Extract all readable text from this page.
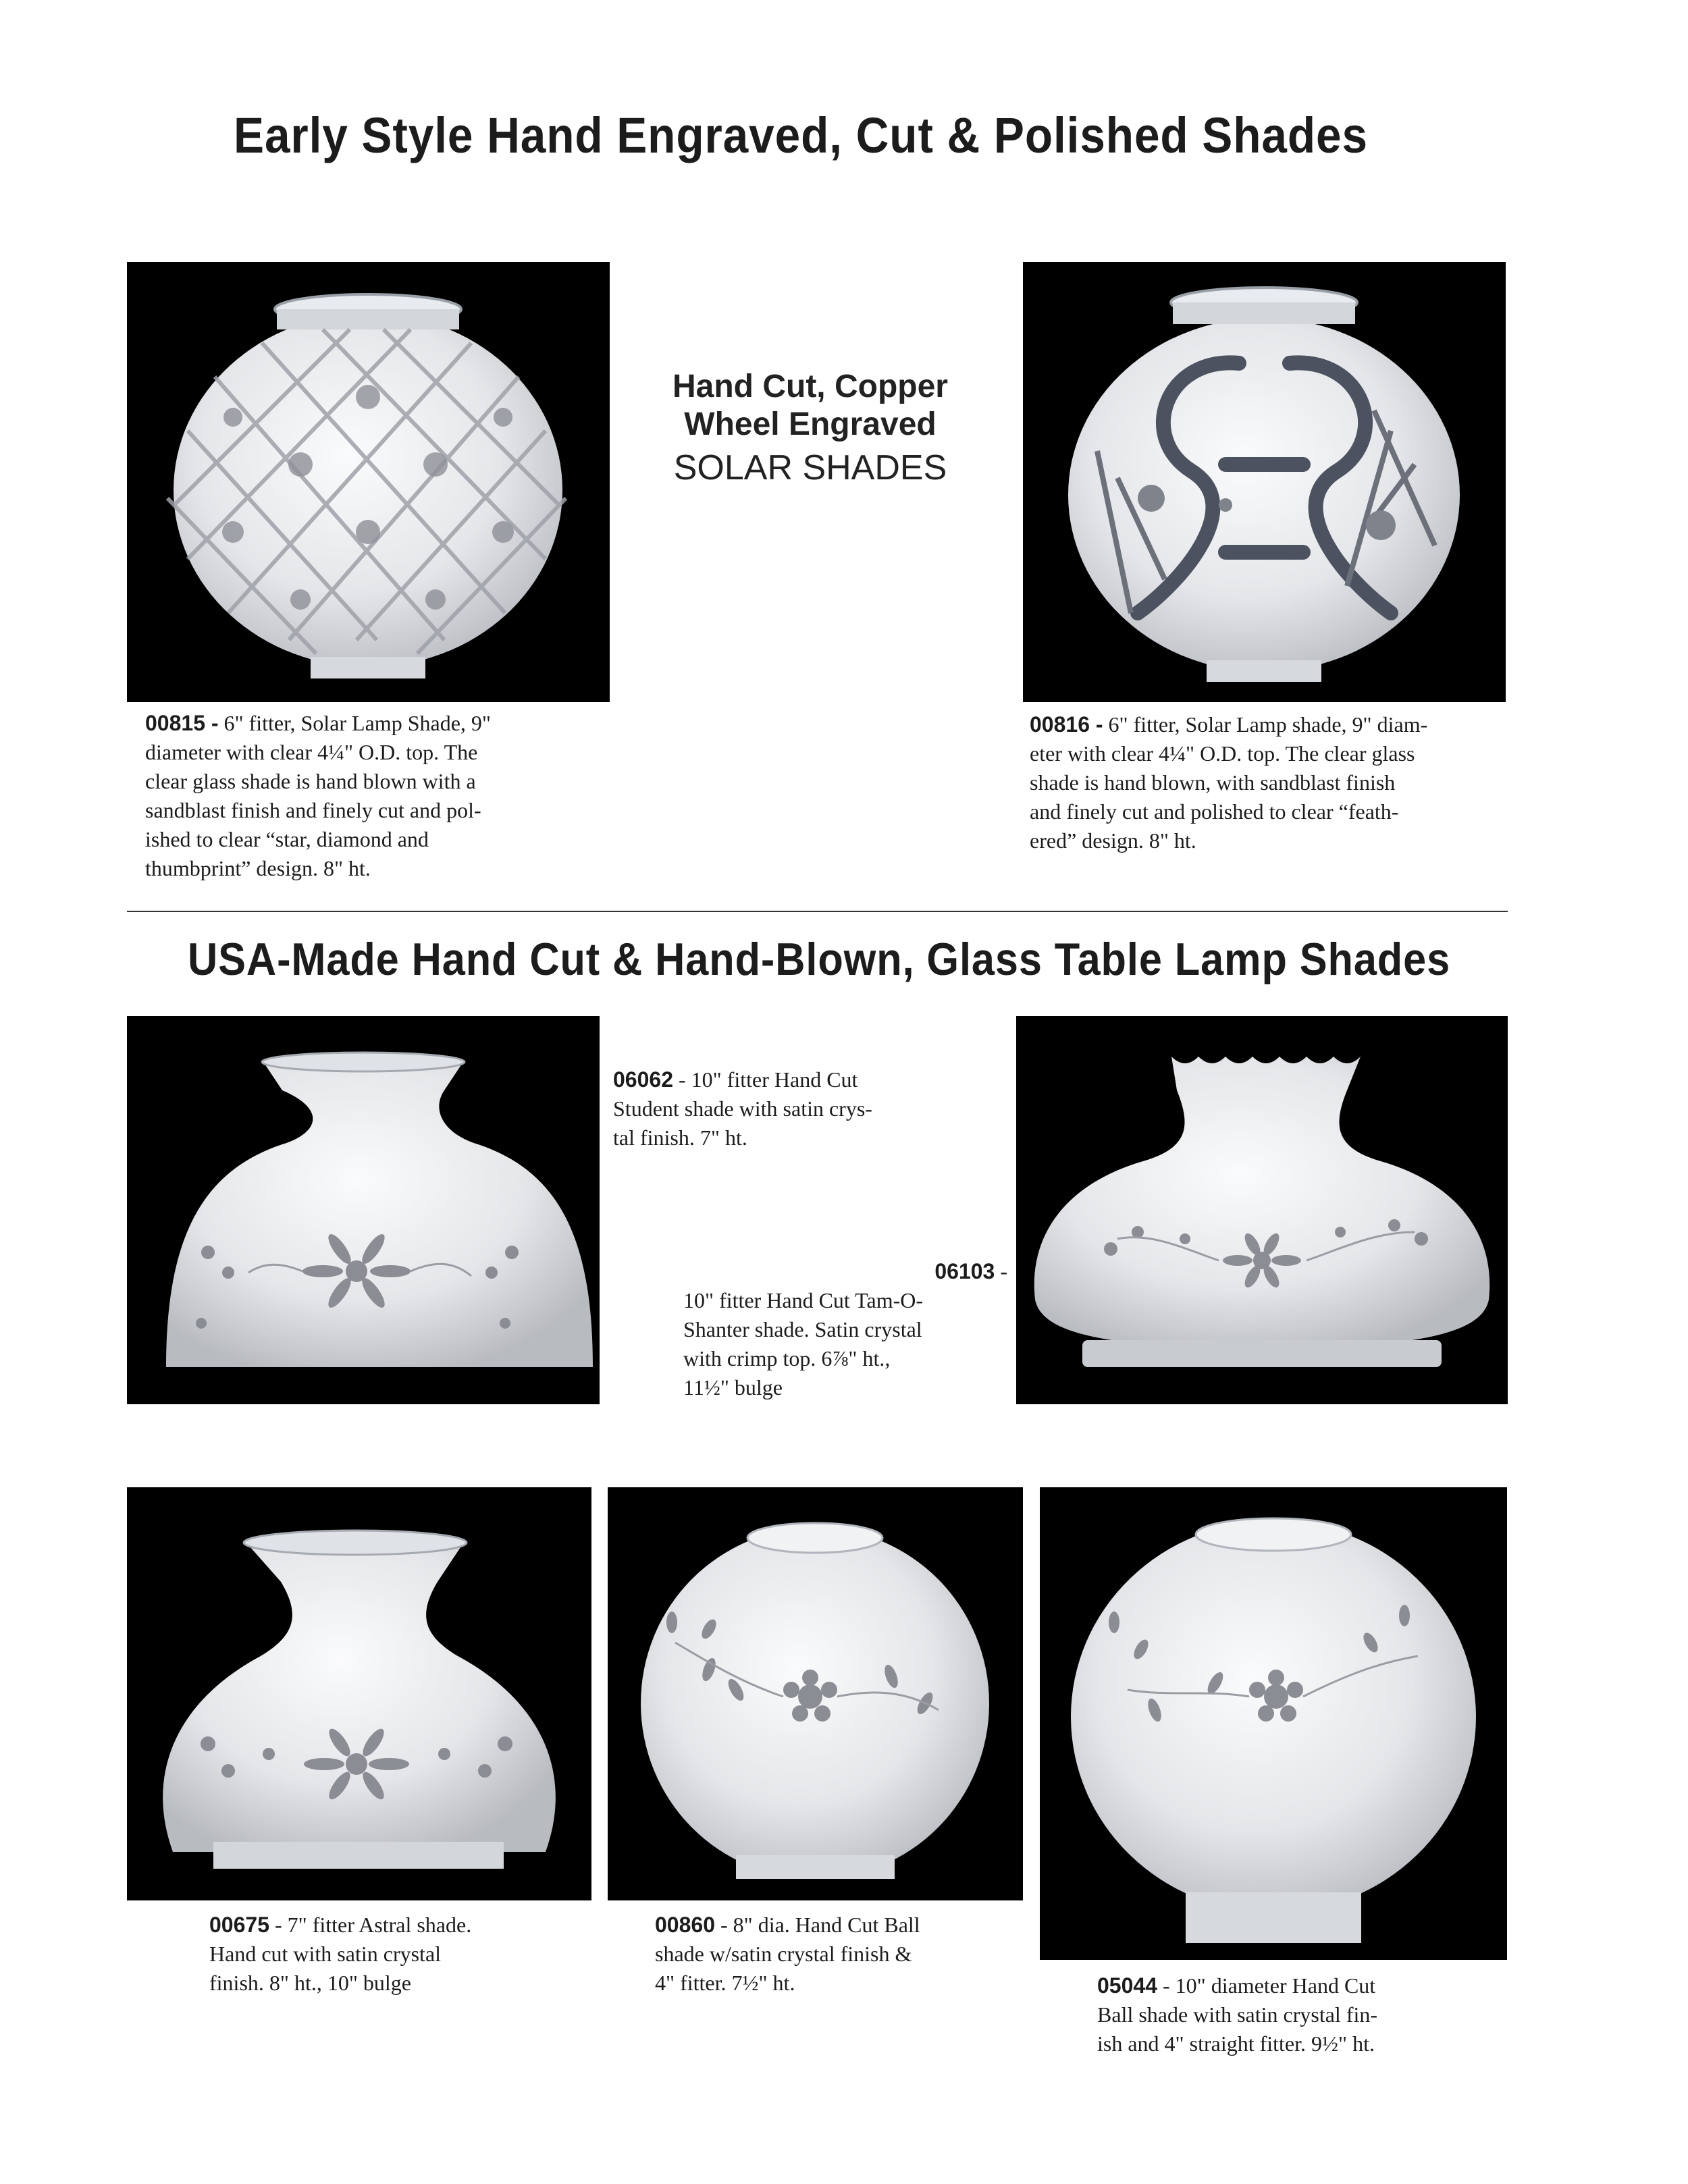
Early Style Hand Engraved, Cut & Polished Shades
Hand Cut, Copper
Wheel Engraved
SOLAR SHADES

00815 - 6" fitter, Solar Lamp Shade, 9"

diameter with clear 4¼" O.D. top. The

clear glass shade is hand blown with a

sandblast finish and finely cut and pol-

ished to clear “star, diamond and

thumbprint” design. 8" ht.

00816 - 6" fitter, Solar Lamp shade, 9" diam-

eter with clear 4¼" O.D. top. The clear glass

shade is hand blown, with sandblast finish

and finely cut and polished to clear “feath-

ered” design. 8" ht.

USA-Made Hand Cut & Hand-Blown, Glass Table Lamp Shades

06062 - 10" fitter Hand Cut

Student shade with satin crys-

tal finish. 7" ht.

06103 -

10" fitter Hand Cut Tam-O-

Shanter shade. Satin crystal

with crimp top. 6⅞" ht.,

11½" bulge

00675 - 7" fitter Astral shade.

Hand cut with satin crystal

finish. 8" ht., 10" bulge

00860 - 8" dia. Hand Cut Ball

shade w/satin crystal finish &

4" fitter. 7½" ht.	05044 - 10" diameter Hand Cut

Ball shade with satin crystal fin-

ish and 4" straight fitter. 9½" ht.
